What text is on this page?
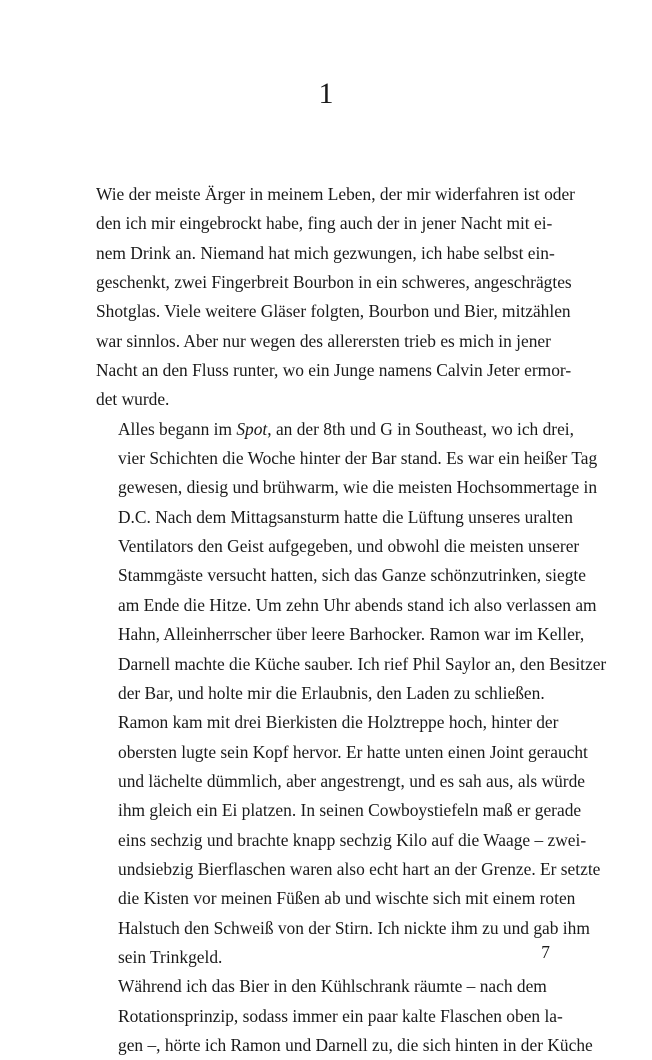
1

Wie der meiste Ärger in meinem Leben, der mir widerfahren ist oder
den ich mir eingebrockt habe, fing auch der in jener Nacht mit ei-
nem Drink an. Niemand hat mich gezwungen, ich habe selbst ein-
geschenkt, zwei Fingerbreit Bourbon in ein schweres, angeschrägtes
Shotglas. Viele weitere Gläser folgten, Bourbon und Bier, mitzählen
war sinnlos. Aber nur wegen des allerersten trieb es mich in jener
Nacht an den Fluss runter, wo ein Junge namens Calvin Jeter ermor-
det wurde.

Alles begann im Spot, an der 8th und G in Southeast, wo ich drei,
vier Schichten die Woche hinter der Bar stand. Es war ein heißer Tag
gewesen, diesig und brühwarm, wie die meisten Hochsommertage in
D.C. Nach dem Mittagsansturm hatte die Lüftung unseres uralten
Ventilators den Geist aufgegeben, und obwohl die meisten unserer
Stammgäste versucht hatten, sich das Ganze schönzutrinken, siegte
am Ende die Hitze. Um zehn Uhr abends stand ich also verlassen am
Hahn, Alleinherrscher über leere Barhocker. Ramon war im Keller,
Darnell machte die Küche sauber. Ich rief Phil Saylor an, den Besitzer
der Bar, und holte mir die Erlaubnis, den Laden zu schließen.

Ramon kam mit drei Bierkisten die Holztreppe hoch, hinter der
obersten lugte sein Kopf hervor. Er hatte unten einen Joint geraucht
und lächelte dümmlich, aber angestrengt, und es sah aus, als würde
ihm gleich ein Ei platzen. In seinen Cowboystiefeln maß er gerade
eins sechzig und brachte knapp sechzig Kilo auf die Waage – zwei-
undsiebzig Bierflaschen waren also echt hart an der Grenze. Er setzte
die Kisten vor meinen Füßen ab und wischte sich mit einem roten
Halstuch den Schweiß von der Stirn. Ich nickte ihm zu und gab ihm
sein Trinkgeld.

Während ich das Bier in den Kühlschrank räumte – nach dem
Rotationsprinzip, sodass immer ein paar kalte Flaschen oben la-
gen –, hörte ich Ramon und Darnell zu, die sich hinten in der Küche

7
